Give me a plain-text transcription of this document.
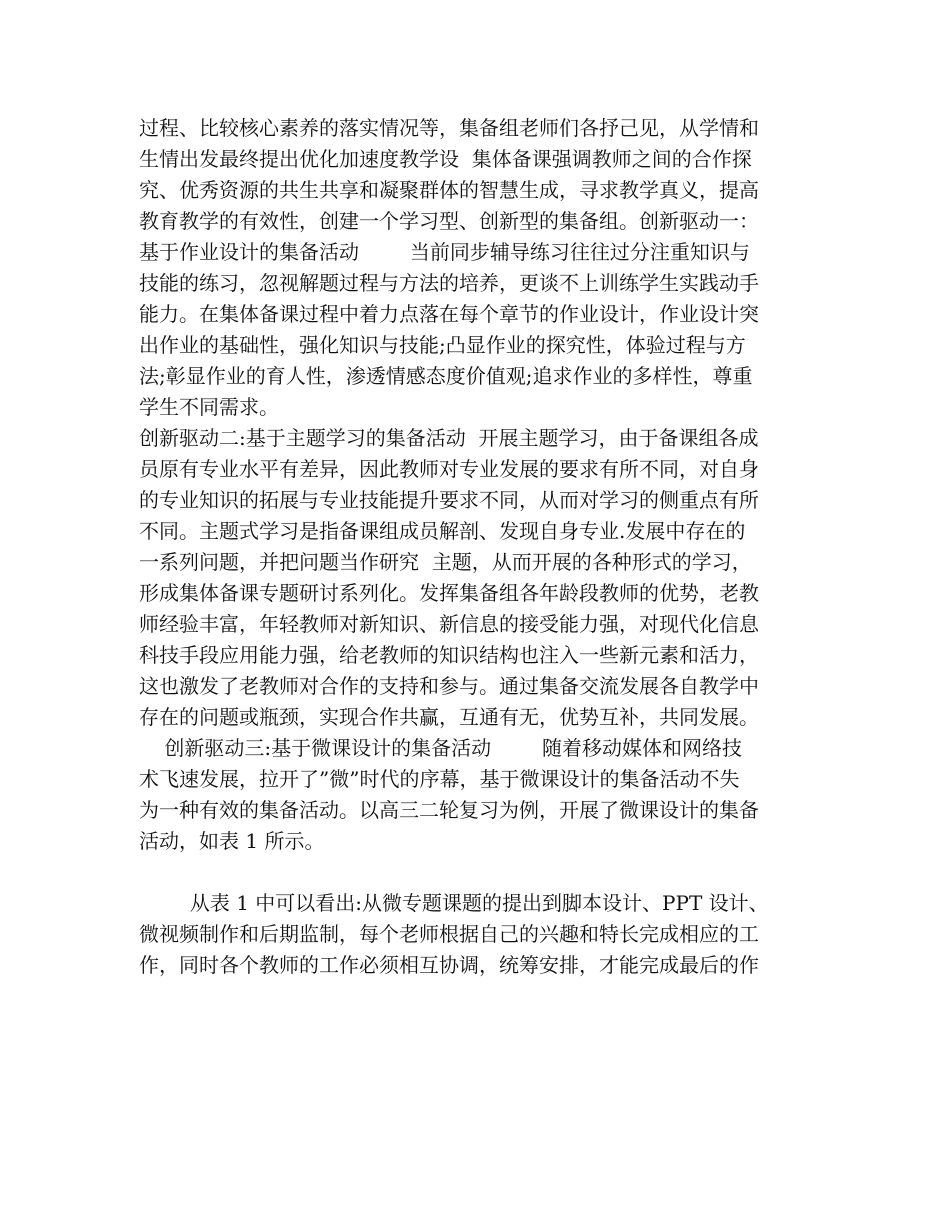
过程、比较核心素养的落实情况等，集备组老师们各抒己见，从学情和
生情出发最终提出优化加速度教学设  集体备课强调教师之间的合作探
究、优秀资源的共生共享和凝聚群体的智慧生成，寻求教学真义，提高
教育教学的有效性，创建一个学习型、创新型的集备组。创新驱动一：
基于作业设计的集备活动        当前同步辅导练习往往过分注重知识与
技能的练习，忽视解题过程与方法的培养，更谈不上训练学生实践动手
能力。在集体备课过程中着力点落在每个章节的作业设计，作业设计突
出作业的基础性，强化知识与技能;凸显作业的探究性，体验过程与方
法;彰显作业的育人性，渗透情感态度价值观;追求作业的多样性，尊重
学生不同需求。
创新驱动二:基于主题学习的集备活动  开展主题学习，由于备课组各成
员原有专业水平有差异，因此教师对专业发展的要求有所不同，对自身
的专业知识的拓展与专业技能提升要求不同，从而对学习的侧重点有所
不同。主题式学习是指备课组成员解剖、发现自身专业.发展中存在的
一系列问题，并把问题当作研究  主题，从而开展的各种形式的学习，
形成集体备课专题研讨系列化。发挥集备组各年龄段教师的优势，老教
师经验丰富，年轻教师对新知识、新信息的接受能力强，对现代化信息
科技手段应用能力强，给老教师的知识结构也注入一些新元素和活力，
这也激发了老教师对合作的支持和参与。通过集备交流发展各自教学中
存在的问题或瓶颈，实现合作共赢，互通有无，优势互补，共同发展。
创新驱动三:基于微课设计的集备活动        随着移动媒体和网络技
术飞速发展，拉开了”微”时代的序幕，基于微课设计的集备活动不失
为一种有效的集备活动。以高三二轮复习为例，开展了微课设计的集备
活动，如表 1 所示。
从表 1 中可以看出:从微专题课题的提出到脚本设计、PPT 设计、
微视频制作和后期监制，每个老师根据自己的兴趣和特长完成相应的工
作，同时各个教师的工作必须相互协调，统筹安排，才能完成最后的作
